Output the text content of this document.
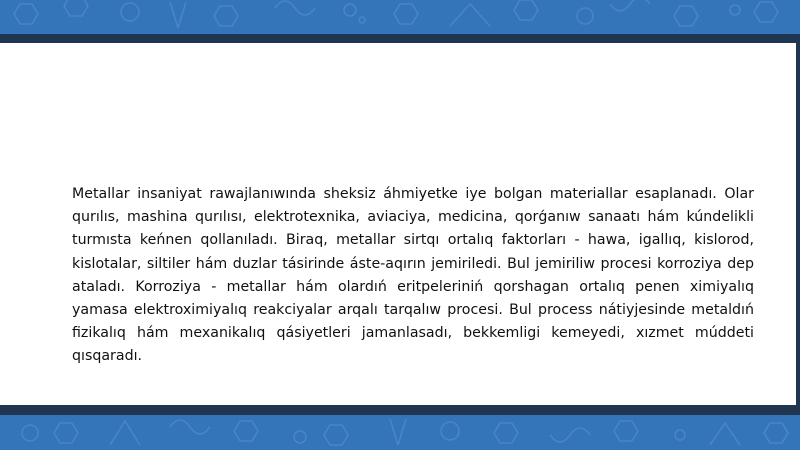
Metallar insaniyat rawajlanıwında sheksiz áhmiyetke iye bolgan materiallar esaplanadı. Olar qurılıs, mashina qurılısı, elektrotexnika, aviaciya, medicina, qorǵanıw sanaatı hám kúndelikli turmısta keńnen qollanıladı. Biraq, metallar sirtqı ortalıq faktorları - hawa, igallıq, kislorod, kislotalar, siltiler hám duzlar tásirinde áste-aqırın jemiriledi. Bul jemiriliw procesi korroziya dep ataladı. Korroziya - metallar hám olardıń eritpeleriniń qorshagan ortalıq penen ximiyalıq yamasa elektroximiyalıq reakciyalar arqalı tarqalıw procesi. Bul process nátiyjesinde metaldıń fizikalıq hám mexanikalıq qásiyetleri jamanlasadı, bekkemligi kemeyedi, xızmet múddeti qısqaradı.
